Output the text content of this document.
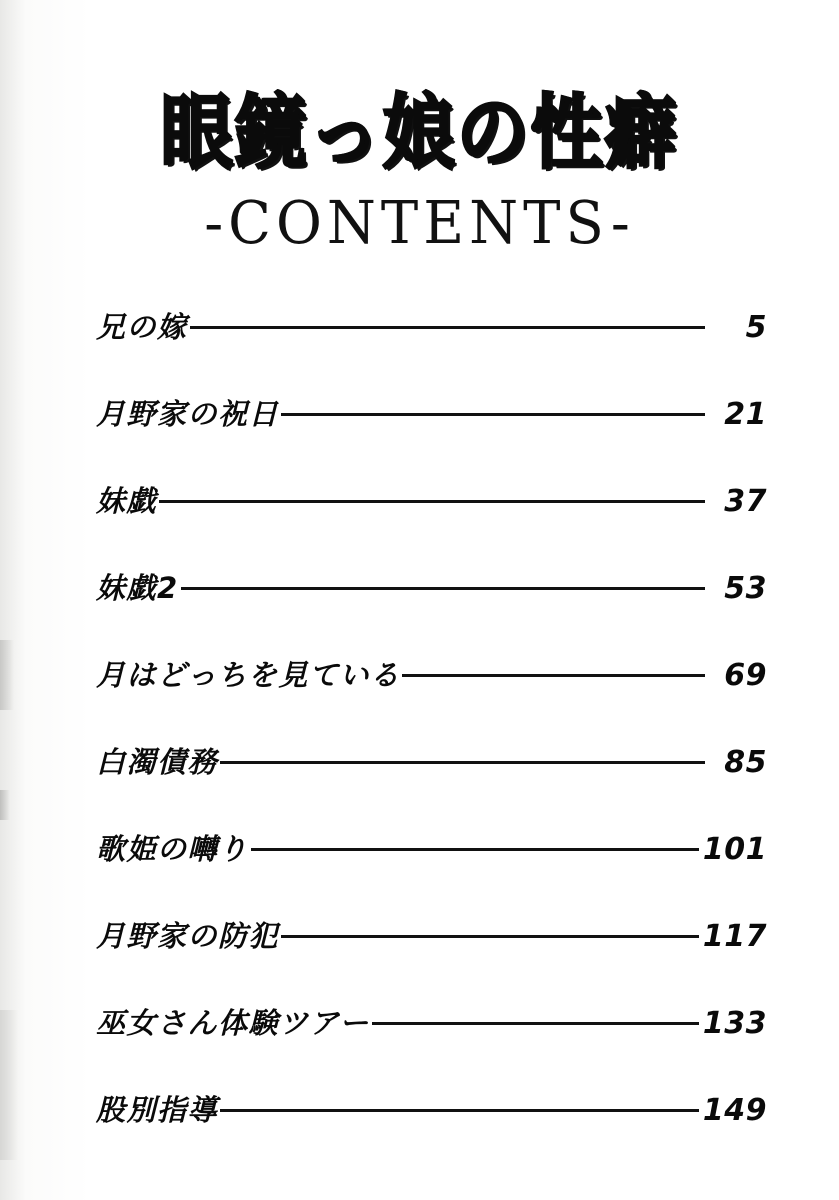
眼鏡っ娘の性癖
-CONTENTS-
兄の嫁	5
月野家の祝日	21
妹戯	37
妹戯2	53
月はどっちを見ている	69
白濁債務	85
歌姫の囀り	101
月野家の防犯	117
巫女さん体験ツアー	133
股別指導	149
